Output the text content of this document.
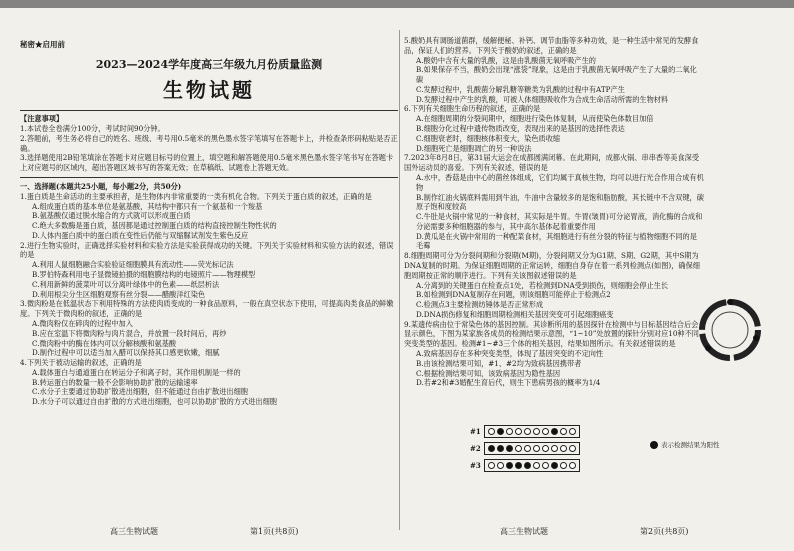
秘密★启用前

2023—2024学年度高三年级九月份质量监测

生物试题

【注意事项】

1.本试卷全卷满分100分，考试时间90分钟。

2.答题前，考生务必将自己的姓名、班级、考号用0.5毫米的黑色墨水签字笔填写在答题卡上，并检查条形码粘贴是否正确。

3.选择题使用2B铅笔填涂在答题卡对应题目标号的位置上，填空题和解答题使用0.5毫米黑色墨水签字笔书写在答题卡上对应题号的区域内，超出答题区域书写的答案无效；在草稿纸、试题卷上答题无效。

一、选择题(本题共25小题，每小题2分，共50分)

1.蛋白质是生命活动的主要承担者，是生物体内非常重要的一类有机化合物。下列关于蛋白质的叙述，正确的是

A.组成蛋白质的基本单位是氨基酸，其结构中都只有一个氨基和一个羧基

B.氨基酸仅通过脱水缩合的方式就可以形成蛋白质

C.绝大多数酶是蛋白质，基因都是通过控制蛋白质的结构直接控制生物性状的

D.人体内蛋白质中的蛋白质在变性后仍能与双缩脲试剂发生紫色反应

2.进行生物实验时，正确选择实验材料和实验方法是实验获得成功的关键。下列关于实验材料和实验方法的叙述，错误的是

A.利用人鼠细胞融合实验验证细胞膜具有流动性——荧光标记法

B.罗伯特森利用电子显微镜拍摄的细胞膜结构的电镜照片——物理模型

C.利用新鲜的菠菜叶可以分离叶绿体中的色素——纸层析法

D.利用根尖分生区细胞观察有丝分裂——醋酸洋红染色

3.微肉粉是在低温状态下利用特殊的方法使肉质变成的一种食品原料，一般在真空状态下使用，可提高肉类食品的鲜嫩度。下列关于微肉粉的叙述，正确的是

A.微肉粉仅在碎肉的过程中加入

B.应在室温下将微肉粉与肉片混合，并放置一段时间后，再炒

C.微肉粉中的酶在体内可以分解核酸和氨基酸

D.制作过程中可以适当加入醋可以保持其口感更软嫩，细腻

4.下列关于被动运输的叙述，正确的是

A.载体蛋白与通道蛋白在转运分子和离子时，其作用机制是一样的

B.转运蛋白的数量一般不会影响协助扩散的运输速率

C.水分子主要通过协助扩散进出细胞，但不能通过自由扩散进出细胞

D.水分子可以通过自由扩散的方式进出细胞，也可以协助扩散的方式进出细胞

5.酸奶具有调肠道菌群，缓解便秘、补钙、调节血脂等多种功效，是一种生活中常见的发酵食品，保证人们的营养。下列关于酸奶的叙述，正确的是

A.酸奶中含有大量的乳酸，这是由乳酸菌无氧呼吸产生的

B.如果保存不当，酸奶会出现“涨袋”现象，这是由于乳酸菌无氧呼吸产生了大量的二氧化碳

C.发酵过程中，乳酸菌分解乳糖等糖类为乳酸的过程中有ATP产生

D.发酵过程中产生的乳酸，可被人体细胞吸收作为合成生命活动所需的生物材料

6.下列有关细胞生命历程的叙述，正确的是

A.在细胞周期的分裂间期中，细胞进行染色体复制，从而使染色体数目加倍

B.细胞分化过程中遗传物质改变，表现出来的是基因的选择性表达

C.细胞衰老时，细胞核体积变大，染色质收缩

D.细胞死亡是细胞凋亡的另一种说法

7.2023年8月8日，第31届大运会在成都圆满闭幕。在此期间，成都火锅、串串香等美食深受国外运动员的喜爱。下列有关叙述，错误的是

A.水中，香菇是由中心的菌丝体组成，它们均属于真核生物，均可以进行光合作用合成有机物

B.制作红油火锅底料需用到牛油，牛油中含量较多的是饱和脂肪酸，其长链中不含双键，碳原子饱和度较高

C.牛肚是火锅中常见的一种食材，其实际是牛胃。牛胃(皱胃)可分泌胃液，消化酶的合成和分泌需要多种细胞器的参与，其中高尔基体起着重要作用

D.黄瓜是在火锅中常用的一种配菜食材，其细胞进行有丝分裂的特征与植物细胞不同的是毛霉

8.细胞周期可分为分裂间期和分裂期(M期)，分裂间期又分为G1期、S期、G2期，其中S期为DNA复制的时期。为保证细胞周期的正常运转，细胞自身存在着一系列检测点(如图)，确保细胞周期按正常的顺序进行。下列有关该图叙述错误的是

A.分离到的关键蛋白在检查点1处，若检测到DNA受到损伤，则细胞会停止生长

B.如检测到DNA复制存在问题，则该细胞可能停止于检测点2

C.检测点3主要检测纺锤体是否正常形成

D.DNA损伤修复和细胞周期检测相关基因突变可引起细胞癌变

9.某遗传病由位于常染色体的基因控制。其诊断所用的基因探针在检测中与目标基因结合后会显示颜色，下图为某家族各成员的检测结果示意图，“1~10”处放置的探针分别对应10种不同突变类型的基因。检测#1~#3三个体的相关基因，结果如图所示。有关叙述错误的是

A.致病基因存在多种突变类型，体现了基因突变的不定向性

B.由该检测结果可知，#1、#2均为致病基因携带者

C.根据检测结果可知，该致病基因为隐性基因

D.若#2和#3婚配生育后代，则生下患病男孩的概率为1/4

#1
#2
#3
表示检测结果为阳性
高三生物试题	第1页(共8页)	高三生物试题	第2页(共8页)
